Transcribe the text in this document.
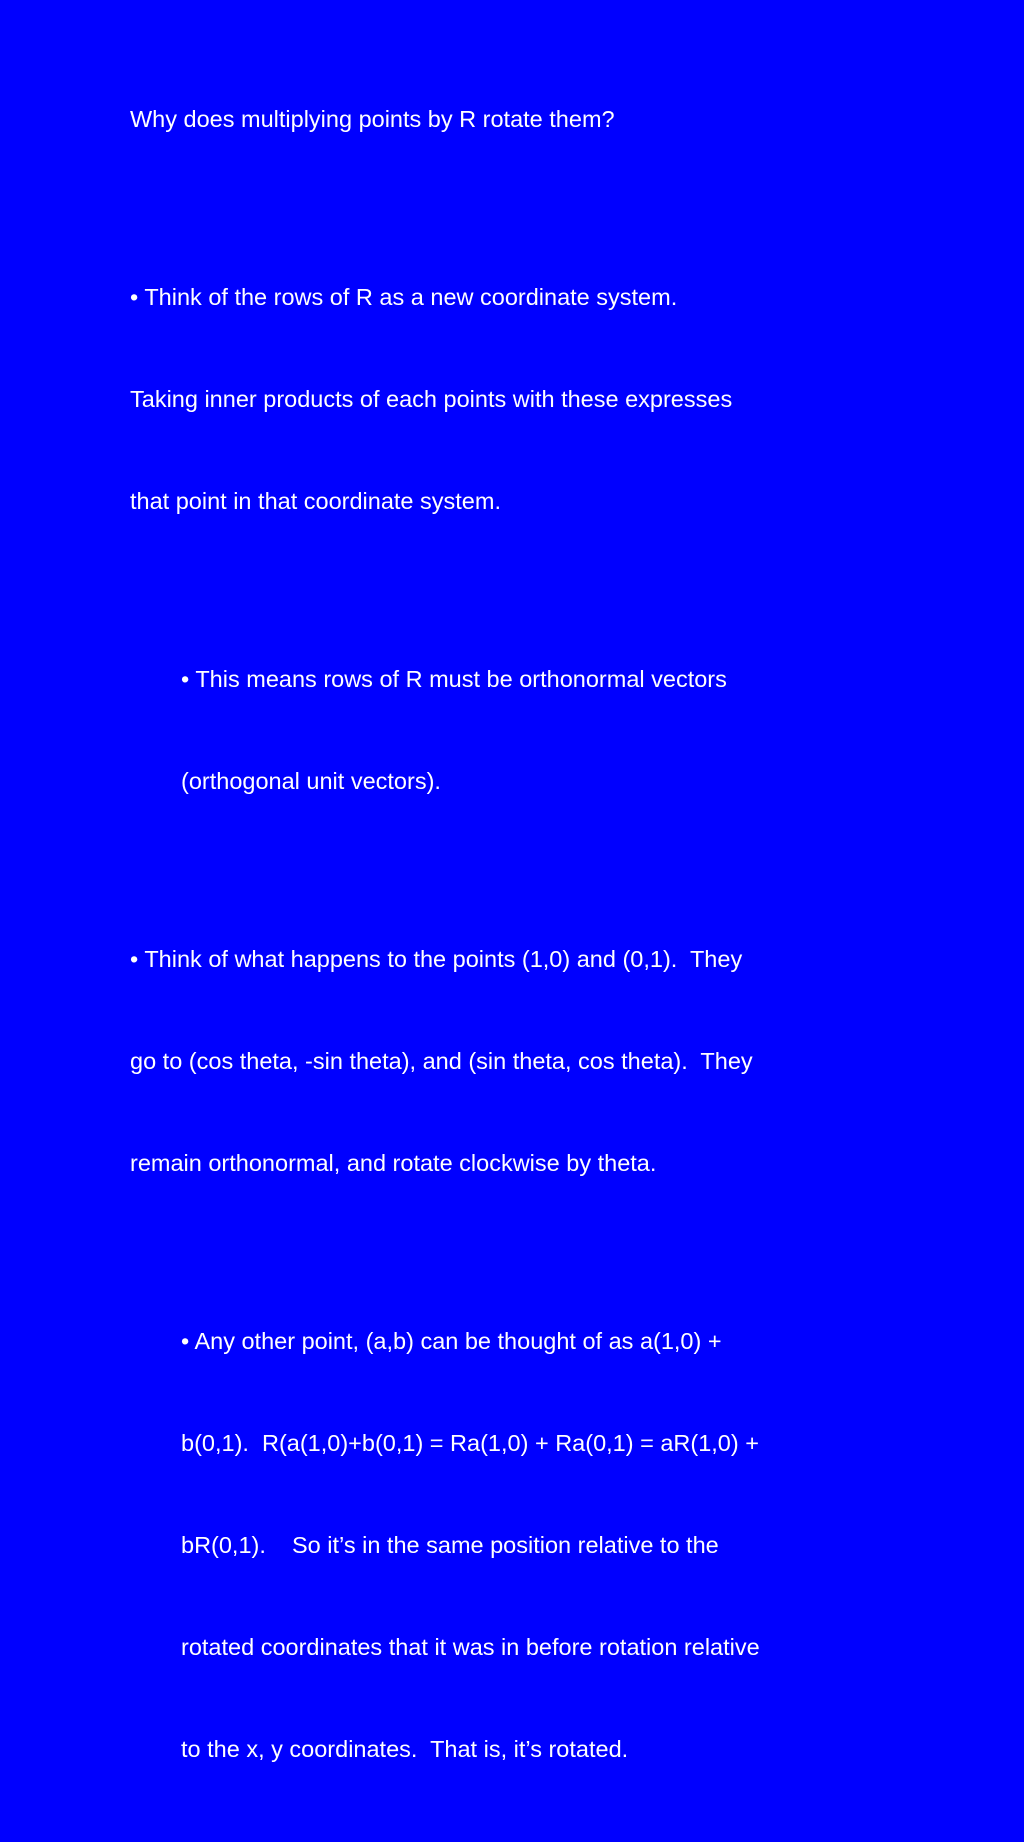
Why does multiplying points by R rotate them?

• Think of the rows of R as a new coordinate system.

Taking inner products of each points with these expresses

that point in that coordinate system.

• This means rows of R must be orthonormal vectors

(orthogonal unit vectors).

• Think of what happens to the points (1,0) and (0,1).  They

go to (cos theta, -sin theta), and (sin theta, cos theta).  They

remain orthonormal, and rotate clockwise by theta.

• Any other point, (a,b) can be thought of as a(1,0) +

b(0,1).  R(a(1,0)+b(0,1) = Ra(1,0) + Ra(0,1) = aR(1,0) +

bR(0,1).    So it’s in the same position relative to the

rotated coordinates that it was in before rotation relative

to the x, y coordinates.  That is, it’s rotated.
